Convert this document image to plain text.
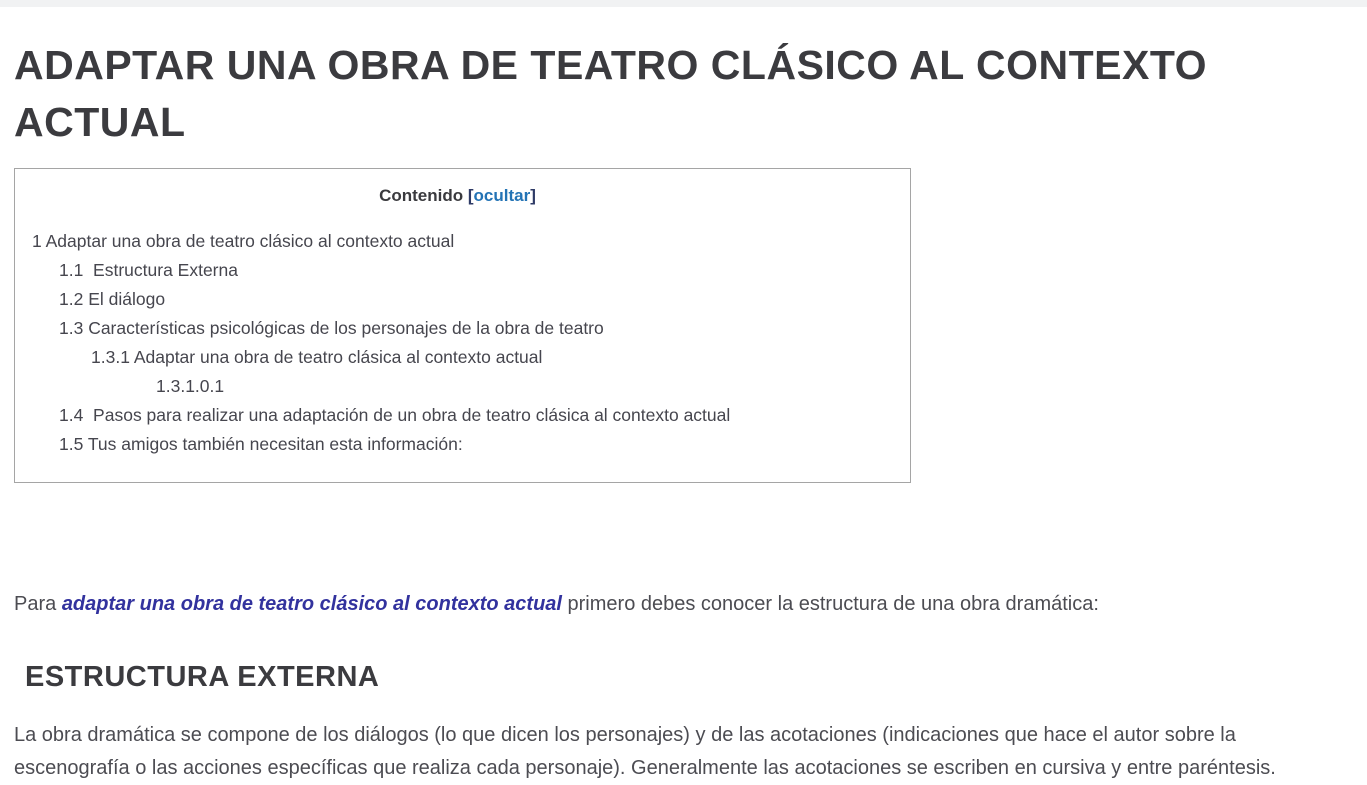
ADAPTAR UNA OBRA DE TEATRO CLÁSICO AL CONTEXTO ACTUAL
Contenido [ocultar]
1 Adaptar una obra de teatro clásico al contexto actual
1.1  Estructura Externa
1.2 El diálogo
1.3 Características psicológicas de los personajes de la obra de teatro
1.3.1 Adaptar una obra de teatro clásica al contexto actual
1.3.1.0.1
1.4  Pasos para realizar una adaptación de un obra de teatro clásica al contexto actual
1.5 Tus amigos también necesitan esta información:

Para adaptar una obra de teatro clásico al contexto actual primero debes conocer la estructura de una obra dramática:

ESTRUCTURA EXTERNA

La obra dramática se compone de los diálogos (lo que dicen los personajes) y de las acotaciones (indicaciones que hace el autor sobre la escenografía o las acciones específicas que realiza cada personaje). Generalmente las acotaciones se escriben en cursiva y entre paréntesis.
